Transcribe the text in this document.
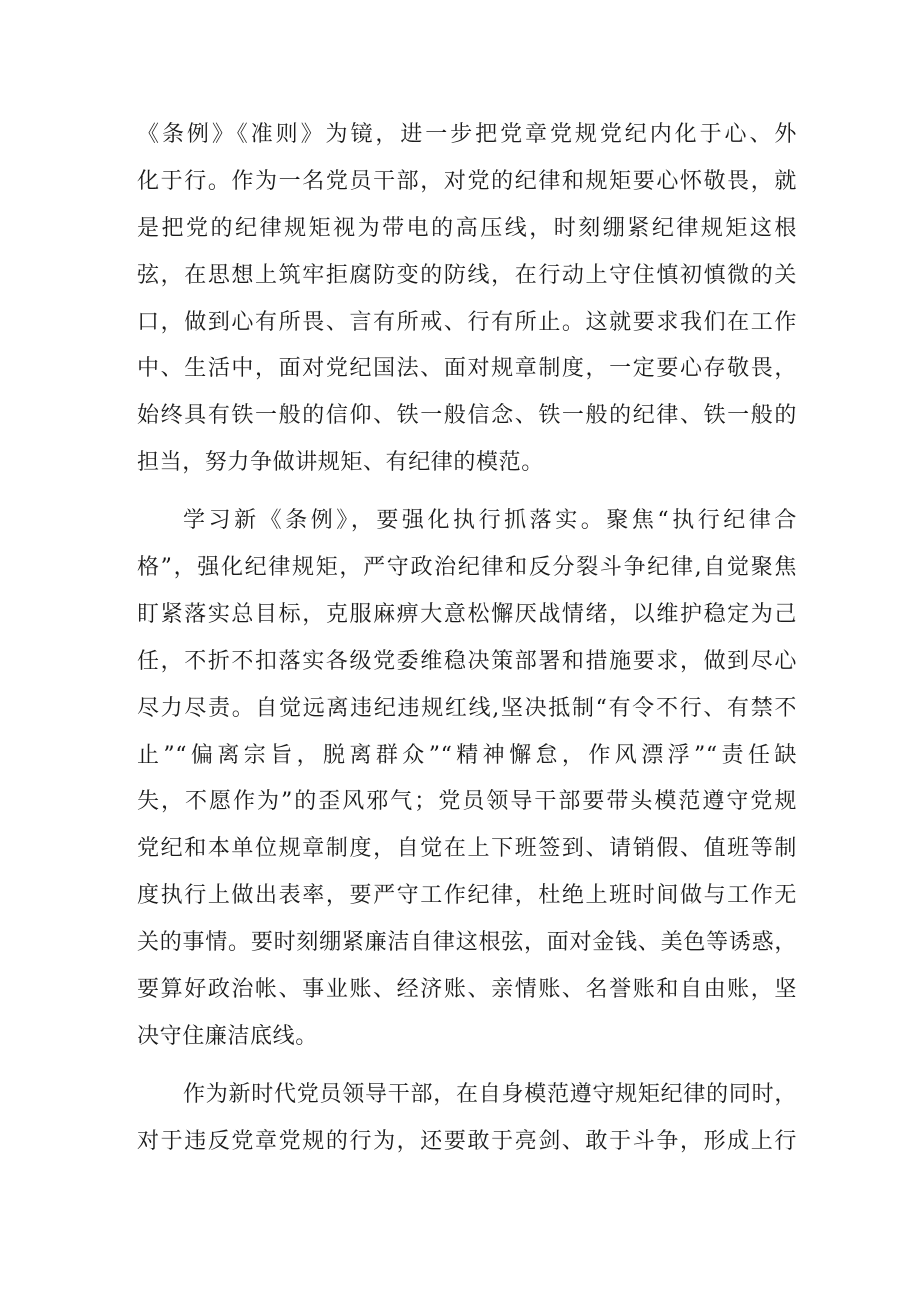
《条例》《准则》为镜，进一步把党章党规党纪内化于心、外
化于行。作为一名党员干部，对党的纪律和规矩要心怀敬畏，就
是把党的纪律规矩视为带电的高压线，时刻绷紧纪律规矩这根
弦，在思想上筑牢拒腐防变的防线，在行动上守住慎初慎微的关
口，做到心有所畏、言有所戒、行有所止。这就要求我们在工作
中、生活中，面对党纪国法、面对规章制度，一定要心存敬畏，
始终具有铁一般的信仰、铁一般信念、铁一般的纪律、铁一般的
担当，努力争做讲规矩、有纪律的模范。
学习新《条例》，要强化执行抓落实。聚焦“执行纪律合
格”，强化纪律规矩，严守政治纪律和反分裂斗争纪律,自觉聚焦
盯紧落实总目标，克服麻痹大意松懈厌战情绪，以维护稳定为己
任，不折不扣落实各级党委维稳决策部署和措施要求，做到尽心
尽力尽责。自觉远离违纪违规红线,坚决抵制“有令不行、有禁不
止”“偏离宗旨，脱离群众”“精神懈怠，作风漂浮”“责任缺
失，不愿作为”的歪风邪气；党员领导干部要带头模范遵守党规
党纪和本单位规章制度，自觉在上下班签到、请销假、值班等制
度执行上做出表率，要严守工作纪律，杜绝上班时间做与工作无
关的事情。要时刻绷紧廉洁自律这根弦，面对金钱、美色等诱惑，
要算好政治帐、事业账、经济账、亲情账、名誉账和自由账，坚
决守住廉洁底线。
作为新时代党员领导干部，在自身模范遵守规矩纪律的同时，
对于违反党章党规的行为，还要敢于亮剑、敢于斗争，形成上行
